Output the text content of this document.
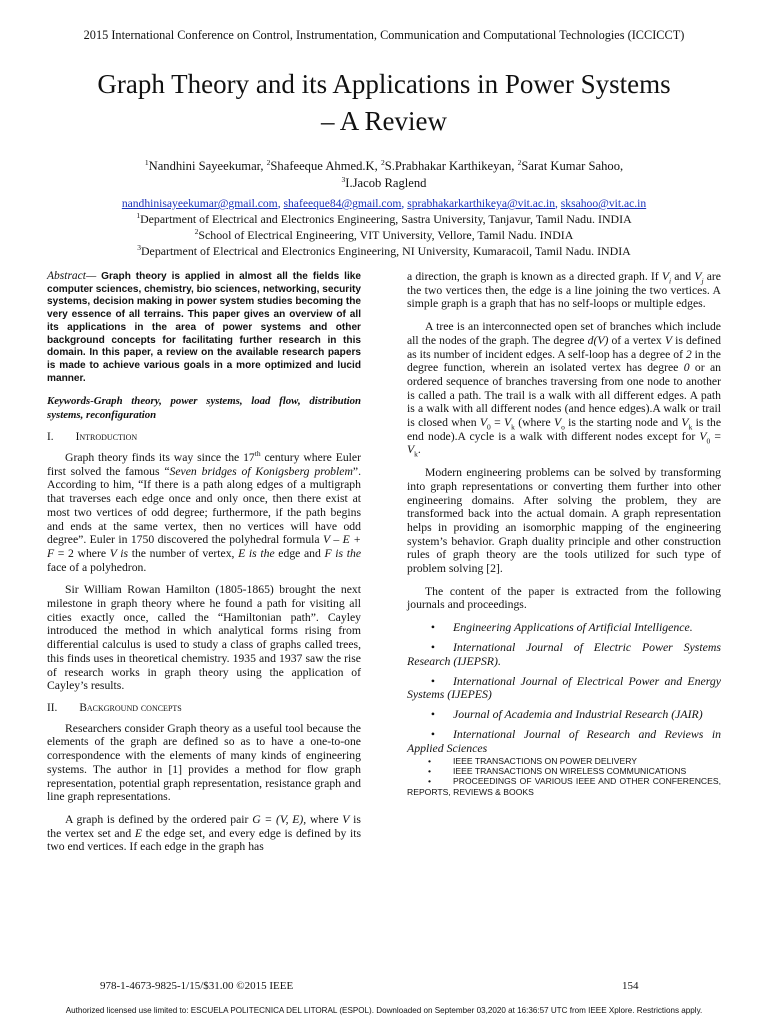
2015 International Conference on Control, Instrumentation, Communication and Computational Technologies (ICCICCT)
Graph Theory and its Applications in Power Systems
– A Review
$^1$Nandhini Sayeekumar, $^2$Shafeeque Ahmed.K, $^2$S.Prabhakar Karthikeyan, $^2$Sarat Kumar Sahoo,
$^3$I.Jacob Raglend
nandhinisayeekumar@gmail.com, shafeeque84@gmail.com, sprabhakarkarthikeya@vit.ac.in, sksahoo@vit.ac.in
$^1$Department of Electrical and Electronics Engineering, Sastra University, Tanjavur, Tamil Nadu. INDIA
$^2$School of Electrical Engineering, VIT University, Vellore, Tamil Nadu. INDIA
$^3$Department of Electrical and Electronics Engineering, NI University, Kumaracoil, Tamil Nadu. INDIA

Abstract— Graph theory is applied in almost all the fields like computer sciences, chemistry, bio sciences, networking, security systems, decision making in power system studies becoming the very essence of all terrains. This paper gives an overview of all its applications in the area of power systems and other background concepts for facilitating further research in this domain. In this paper, a review on the available research papers is made to achieve various goals in a more optimized and lucid manner.

Keywords-Graph theory, power systems, load flow, distribution systems, reconfiguration

I. Introduction

Graph theory finds its way since the 17th century where Euler first solved the famous “Seven bridges of Konigsberg problem”. According to him, “If there is a path along edges of a multigraph that traverses each edge once and only once, then there exist at most two vertices of odd degree; furthermore, if the path begins and ends at the same vertex, then no vertices will have odd degree”. Euler in 1750 discovered the polyhedral formula V – E + F = 2 where V is the number of vertex, E is the edge and F is the face of a polyhedron.

Sir William Rowan Hamilton (1805-1865) brought the next milestone in graph theory where he found a path for visiting all cities exactly once, called the “Hamiltonian path”. Cayley introduced the method in which analytical forms rising from differential calculus is used to study a class of graphs called trees, this finds uses in theoretical chemistry. 1935 and 1937 saw the rise of research works in graph theory using the application of Cayley’s results.

II. Background concepts

Researchers consider Graph theory as a useful tool because the elements of the graph are defined so as to have a one-to-one correspondence with the elements of many kinds of engineering systems. The author in [1] provides a method for flow graph representation, potential graph representation, resistance graph and line graph representations.

A graph is defined by the ordered pair G = (V, E), where V is the vertex set and E the edge set, and every edge is defined by its two end vertices. If each edge in the graph has

a direction, the graph is known as a directed graph. If $V_i$ and $V_j$ are the two vertices then, the edge is a line joining the two vertices. A simple graph is a graph that has no self-loops or multiple edges.

A tree is an interconnected open set of branches which include all the nodes of the graph. The degree d(V) of a vertex V is defined as its number of incident edges. A self-loop has a degree of 2 in the degree function, wherein an isolated vertex has degree 0 or an ordered sequence of branches traversing from one node to another is called a path. The trail is a walk with all different edges. A path is a walk with all different nodes (and hence edges).A walk or trail is closed when $V_0 = V_k$ (where $V_o$ is the starting node and $V_k$ is the end node).A cycle is a walk with different nodes except for $V_0 = V_k$.

Modern engineering problems can be solved by transforming into graph representations or converting them further into other engineering domains. After solving the problem, they are transformed back into the actual domain. A graph representation helps in providing an isomorphic mapping of the engineering system’s behavior. Graph duality principle and other construction rules of graph theory are the tools utilized for such type of problem solving [2].

The content of the paper is extracted from the following journals and proceedings.

• Engineering Applications of Artificial Intelligence.

• International Journal of Electric Power Systems Research (IJEPSR).

• International Journal of Electrical Power and Energy Systems (IJEPES)

• Journal of Academia and Industrial Research (JAIR)

• International Journal of Research and Reviews in Applied Sciences

•	IEEE TRANSACTIONS ON POWER DELIVERY

•	IEEE TRANSACTIONS ON WIRELESS COMMUNICATIONS

•	PROCEEDINGS OF VARIOUS IEEE AND OTHER CONFERENCES, REPORTS, REVIEWS & BOOKS

978-1-4673-9825-1/15/$31.00 ©2015 IEEE	154
Authorized licensed use limited to: ESCUELA POLITECNICA DEL LITORAL (ESPOL). Downloaded on September 03,2020 at 16:36:57 UTC from IEEE Xplore. Restrictions apply.
